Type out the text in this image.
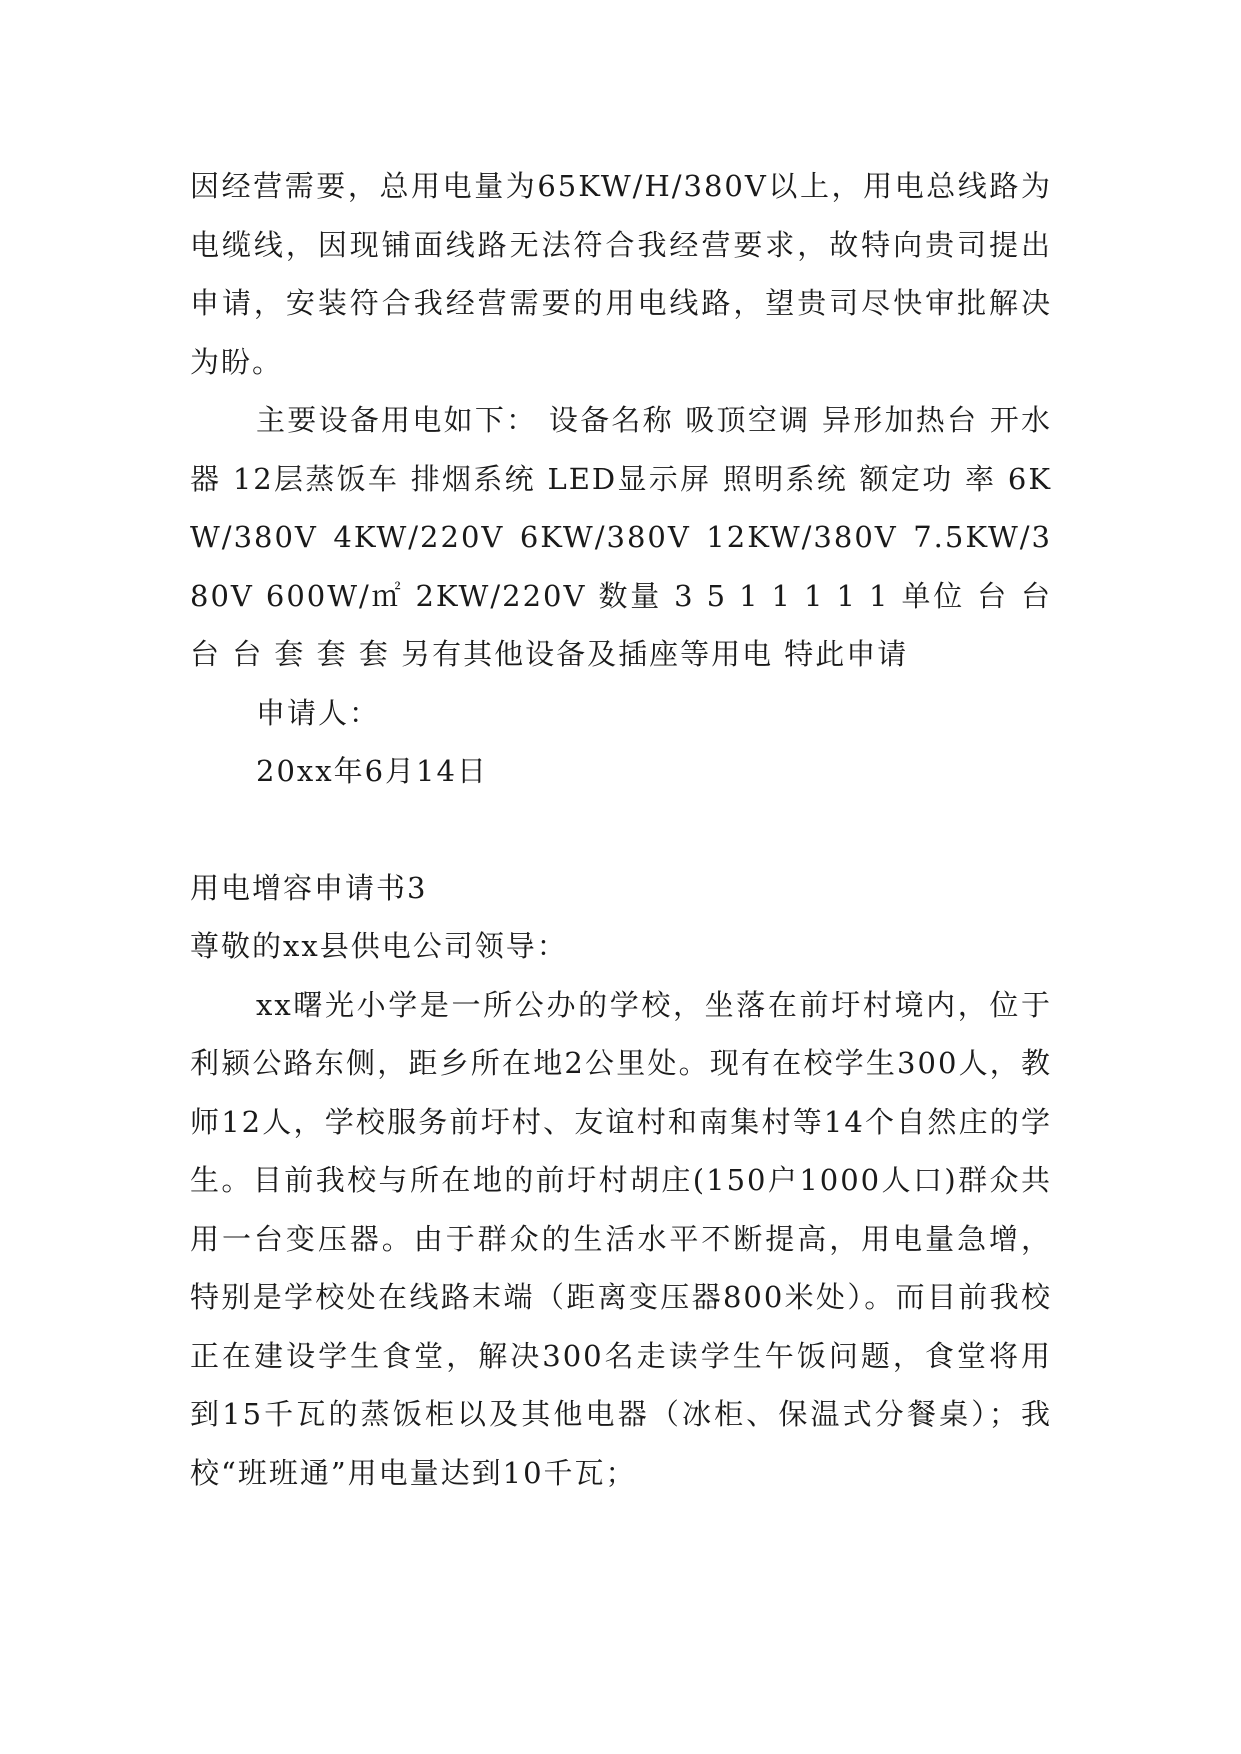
因经营需要，总用电量为65KW/H/380V以上，用电总线路为电缆线，因现铺面线路无法符合我经营要求，故特向贵司提出申请，安装符合我经营需要的用电线路，望贵司尽快审批解决为盼。

主要设备用电如下： 设备名称 吸顶空调 异形加热台 开水器 12层蒸饭车 排烟系统 LED显示屏 照明系统 额定功 率 6KW/380V 4KW/220V 6KW/380V 12KW/380V 7.5KW/380V 600W/㎡ 2KW/220V 数量 3 5 1 1 1 1 1 单位 台 台 台 台 套 套 套 另有其他设备及插座等用电 特此申请

申请人：

20xx年6月14日

用电增容申请书3

尊敬的xx县供电公司领导：

xx曙光小学是一所公办的学校，坐落在前圩村境内，位于利颍公路东侧，距乡所在地2公里处。现有在校学生300人，教师12人，学校服务前圩村、友谊村和南集村等14个自然庄的学生。目前我校与所在地的前圩村胡庄(150户1000人口)群众共用一台变压器。由于群众的生活水平不断提高，用电量急增，特别是学校处在线路末端（距离变压器800米处）。而目前我校正在建设学生食堂，解决300名走读学生午饭问题，食堂将用到15千瓦的蒸饭柜以及其他电器（冰柜、保温式分餐桌）；我校“班班通”用电量达到10千瓦；
